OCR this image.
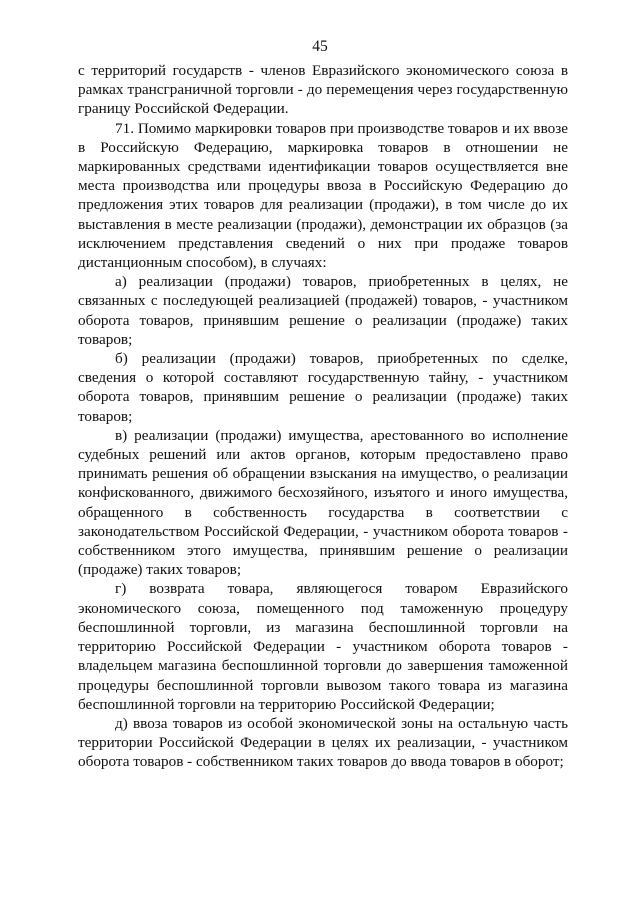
45

с территорий государств - членов Евразийского экономического союза в рамках трансграничной торговли - до перемещения через государственную границу Российской Федерации.

71. Помимо маркировки товаров при производстве товаров и их ввозе в Российскую Федерацию, маркировка товаров в отношении не маркированных средствами идентификации товаров осуществляется вне места производства или процедуры ввоза в Российскую Федерацию до предложения этих товаров для реализации (продажи), в том числе до их выставления в месте реализации (продажи), демонстрации их образцов (за исключением представления сведений о них при продаже товаров дистанционным способом), в случаях:

а) реализации (продажи) товаров, приобретенных в целях, не связанных с последующей реализацией (продажей) товаров, - участником оборота товаров, принявшим решение о реализации (продаже) таких товаров;

б) реализации (продажи) товаров, приобретенных по сделке, сведения о которой составляют государственную тайну, - участником оборота товаров, принявшим решение о реализации (продаже) таких товаров;

в) реализации (продажи) имущества, арестованного во исполнение судебных решений или актов органов, которым предоставлено право принимать решения об обращении взыскания на имущество, о реализации конфискованного, движимого бесхозяйного, изъятого и иного имущества, обращенного в собственность государства в соответствии с законодательством Российской Федерации, - участником оборота товаров - собственником этого имущества, принявшим решение о реализации (продаже) таких товаров;

г) возврата товара, являющегося товаром Евразийского экономического союза, помещенного под таможенную процедуру беспошлинной торговли, из магазина беспошлинной торговли на территорию Российской Федерации - участником оборота товаров - владельцем магазина беспошлинной торговли до завершения таможенной процедуры беспошлинной торговли вывозом такого товара из магазина беспошлинной торговли на территорию Российской Федерации;

д) ввоза товаров из особой экономической зоны на остальную часть территории Российской Федерации в целях их реализации, - участником оборота товаров - собственником таких товаров до ввода товаров в оборот;
